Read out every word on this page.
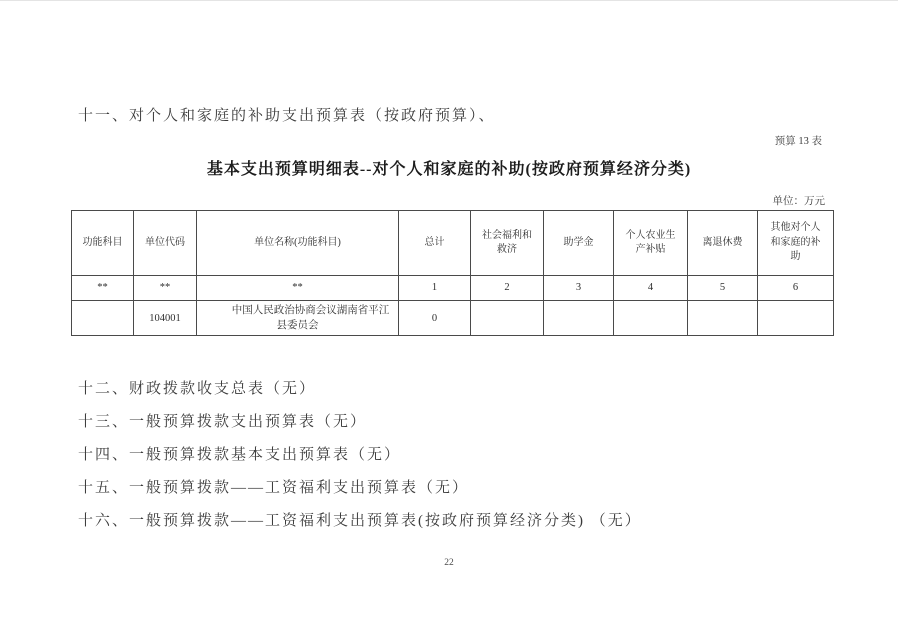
十一、对个人和家庭的补助支出预算表（按政府预算）、
预算 13 表
基本支出预算明细表--对个人和家庭的补助(按政府预算经济分类)
单位：万元
功能科目	单位代码	单位名称(功能科目)	总计	社会福利和救济	助学金	个人农业生产补贴	离退休费	其他对个人和家庭的补助
**	**	**	1	2	3	4	5	6
	104001	中国人民政治协商会议湖南省平江县委员会	0					
十二、财政拨款收支总表（无）
十三、一般预算拨款支出预算表（无）
十四、一般预算拨款基本支出预算表（无）
十五、一般预算拨款——工资福利支出预算表（无）
十六、一般预算拨款——工资福利支出预算表(按政府预算经济分类) （无）
22
